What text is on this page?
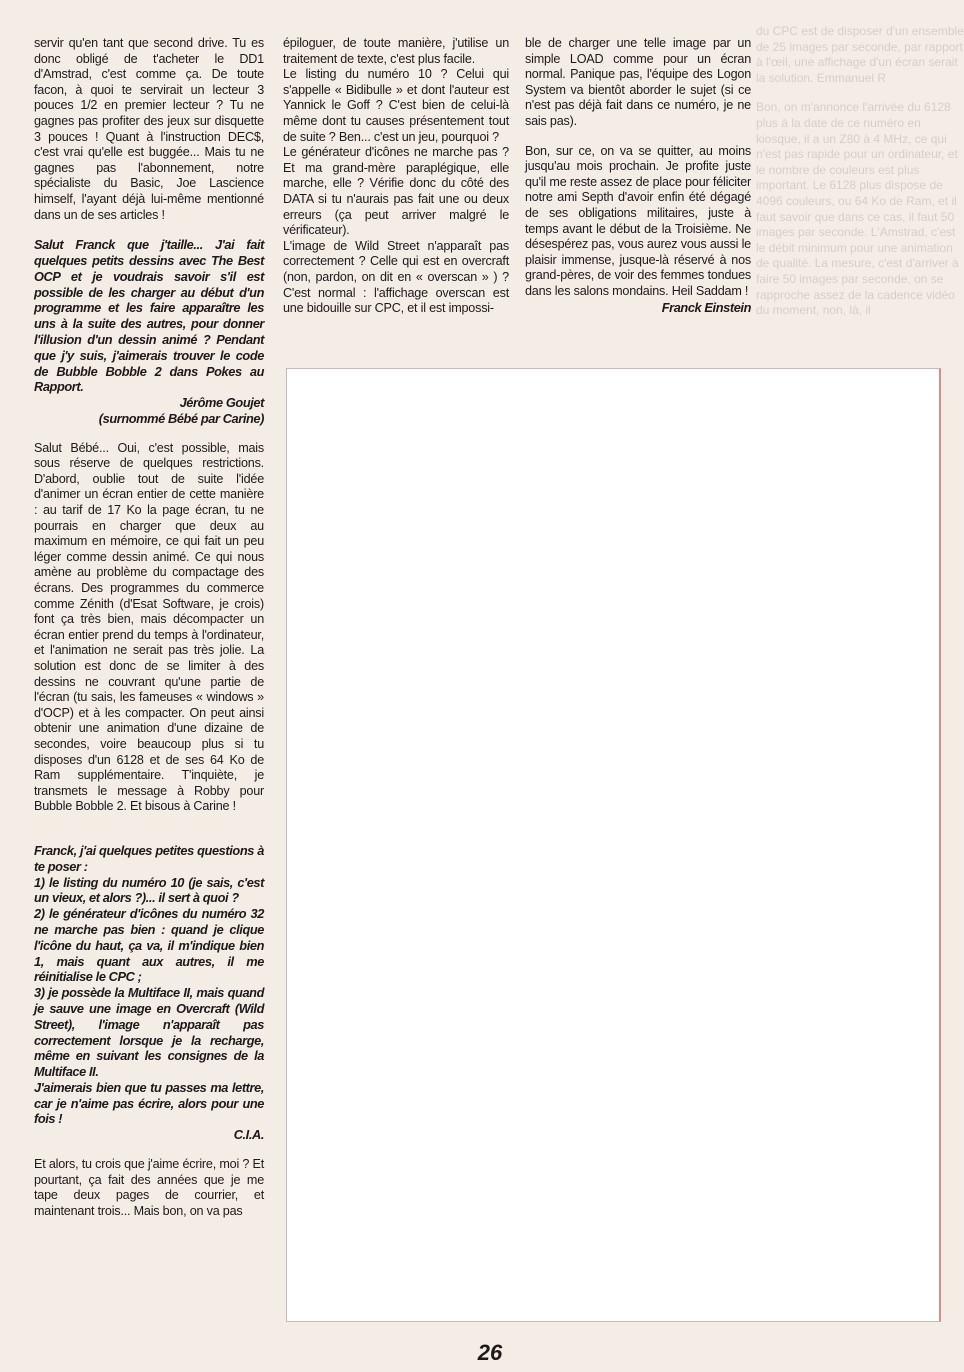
servir qu'en tant que second drive. Tu es donc obligé de t'acheter le DD1 d'Amstrad, c'est comme ça. De toute facon, à quoi te servirait un lecteur 3 pouces 1/2 en premier lecteur ? Tu ne gagnes pas profiter des jeux sur disquette 3 pouces ! Quant à l'instruction DEC$, c'est vrai qu'elle est buggée... Mais tu ne gagnes pas l'abonnement, notre spécialiste du Basic, Joe Lascience himself, l'ayant déjà lui-même mentionné dans un de ses articles !

Salut Franck que j'taille... J'ai fait quelques petits dessins avec The Best OCP et je voudrais savoir s'il est possible de les charger au début d'un programme et les faire apparaître les uns à la suite des autres, pour donner l'illusion d'un dessin animé ? Pendant que j'y suis, j'aimerais trouver le code de Bubble Bobble 2 dans Pokes au Rapport.

Jérôme Goujet

(surnommé Bébé par Carine)

Salut Bébé... Oui, c'est possible, mais sous réserve de quelques restrictions. D'abord, oublie tout de suite l'idée d'animer un écran entier de cette manière : au tarif de 17 Ko la page écran, tu ne pourrais en charger que deux au maximum en mémoire, ce qui fait un peu léger comme dessin animé. Ce qui nous amène au problème du compactage des écrans. Des programmes du commerce comme Zénith (d'Esat Software, je crois) font ça très bien, mais décompacter un écran entier prend du temps à l'ordinateur, et l'animation ne serait pas très jolie. La solution est donc de se limiter à des dessins ne couvrant qu'une partie de l'écran (tu sais, les fameuses « windows » d'OCP) et à les compacter. On peut ainsi obtenir une animation d'une dizaine de secondes, voire beaucoup plus si tu disposes d'un 6128 et de ses 64 Ko de Ram supplémentaire. T'inquiète, je transmets le message à Robby pour Bubble Bobble 2. Et bisous à Carine !

Franck, j'ai quelques petites questions à te poser :

1) le listing du numéro 10 (je sais, c'est un vieux, et alors ?)... il sert à quoi ?

2) le générateur d'icônes du numéro 32 ne marche pas bien : quand je clique l'icône du haut, ça va, il m'indique bien 1, mais quant aux autres, il me réinitialise le CPC ;

3) je possède la Multiface II, mais quand je sauve une image en Overcraft (Wild Street), l'image n'apparaît pas correctement lorsque je la recharge, même en suivant les consignes de la Multiface II.

J'aimerais bien que tu passes ma lettre, car je n'aime pas écrire, alors pour une fois !

C.I.A.

Et alors, tu crois que j'aime écrire, moi ? Et pourtant, ça fait des années que je me tape deux pages de courrier, et maintenant trois... Mais bon, on va pas

épiloguer, de toute manière, j'utilise un traitement de texte, c'est plus facile.

Le listing du numéro 10 ? Celui qui s'appelle « Bidibulle » et dont l'auteur est Yannick le Goff ? C'est bien de celui-là même dont tu causes présentement tout de suite ? Ben... c'est un jeu, pourquoi ?

Le générateur d'icônes ne marche pas ? Et ma grand-mère paraplégique, elle marche, elle ? Vérifie donc du côté des DATA si tu n'aurais pas fait une ou deux erreurs (ça peut arriver malgré le vérificateur).

L'image de Wild Street n'apparaît pas correctement ? Celle qui est en overcraft (non, pardon, on dit en « overscan » ) ? C'est normal : l'affichage overscan est une bidouille sur CPC, et il est impossi-

ble de charger une telle image par un simple LOAD comme pour un écran normal. Panique pas, l'équipe des Logon System va bientôt aborder le sujet (si ce n'est pas déjà fait dans ce numéro, je ne sais pas).

Bon, sur ce, on va se quitter, au moins jusqu'au mois prochain. Je profite juste qu'il me reste assez de place pour féliciter notre ami Septh d'avoir enfin été dégagé de ses obligations militaires, juste à temps avant le début de la Troisième. Ne désespérez pas, vous aurez vous aussi le plaisir immense, jusque-là réservé à nos grand-pères, de voir des femmes tondues dans les salons mondains. Heil Saddam !

Franck Einstein

du CPC est de disposer d'un ensemble de 25 images par seconde, par rapport à l'œil, une affichage d'un écran serait la solution. Emmanuel R

Bon, on m'annonce l'arrivée du 6128 plus à la date de ce numéro en kiosque, il a un Z80 à 4 MHz, ce qui n'est pas rapide pour un ordinateur, et le nombre de couleurs est plus important. Le 6128 plus dispose de 4096 couleurs, ou 64 Ko de Ram, et il faut savoir que dans ce cas, il faut 50 images par seconde. L'Amstrad, c'est le débit minimum pour une animation de qualité. La mesure, c'est d'arriver à faire 50 images par seconde, on se rapproche assez de la cadence vidéo du moment, non, là, il

26
